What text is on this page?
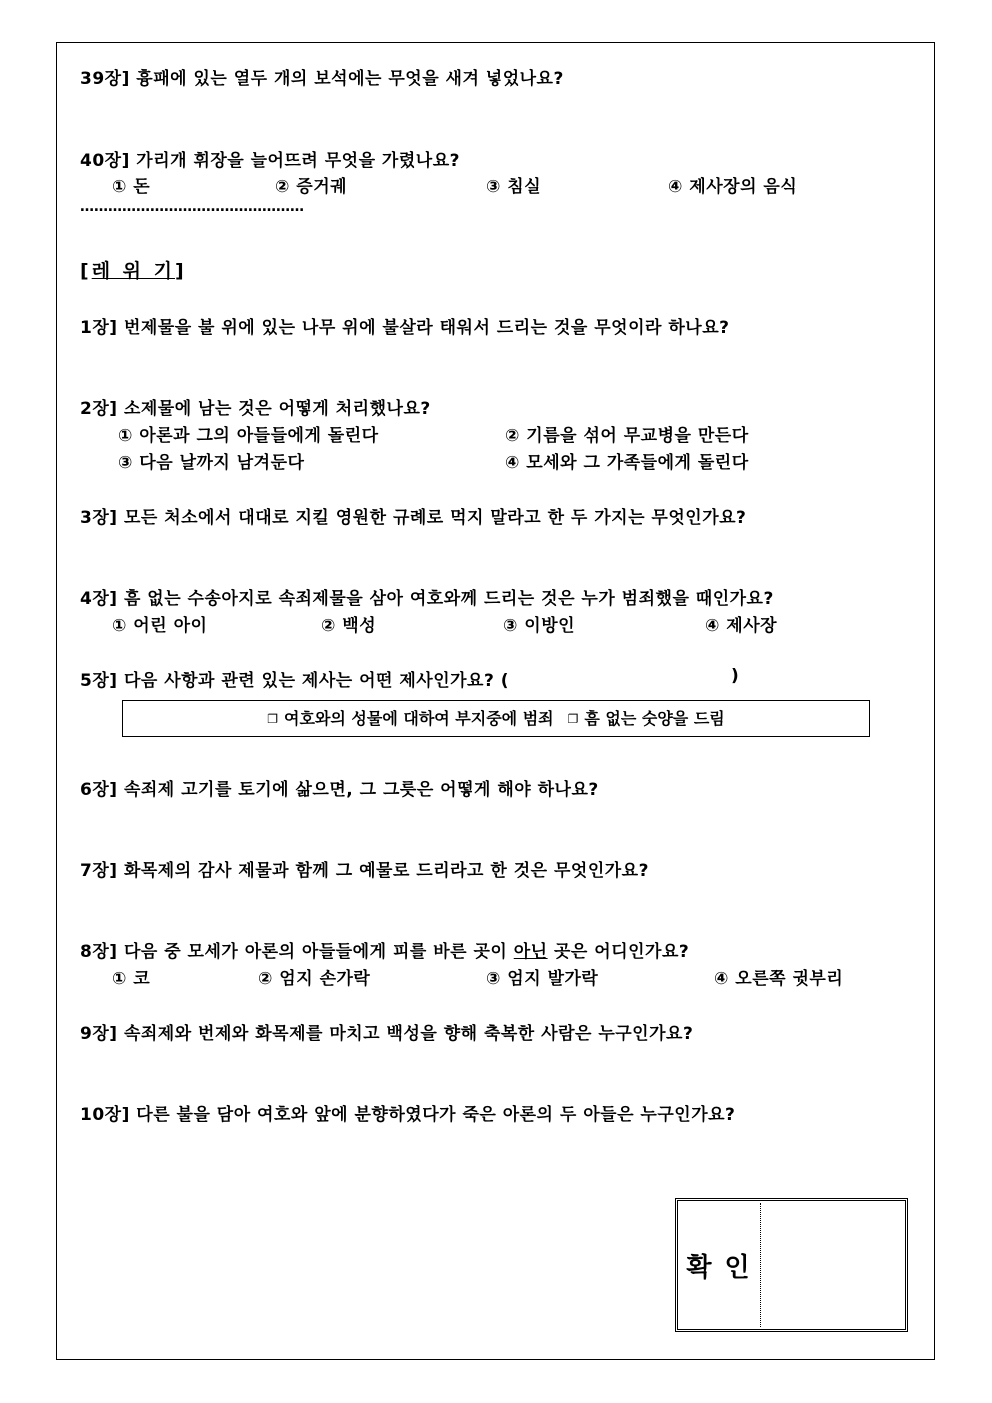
39장] 흉패에 있는 열두 개의 보석에는 무엇을 새겨 넣었나요?
40장] 가리개 휘장을 늘어뜨려 무엇을 가렸나요?
① 돈	② 증거궤	③ 침실	④ 제사장의 음식
…………………………………………
[레 위 기]
1장] 번제물을 불 위에 있는 나무 위에 불살라 태워서 드리는 것을 무엇이라 하나요?
2장] 소제물에 남는 것은 어떻게 처리했나요?
① 아론과 그의 아들들에게 돌린다	② 기름을 섞어 무교병을 만든다
③ 다음 날까지 남겨둔다	④ 모세와 그 가족들에게 돌린다
3장] 모든 처소에서 대대로 지킬 영원한 규례로 먹지 말라고 한 두 가지는 무엇인가요?
4장] 흠 없는 수송아지로 속죄제물을 삼아 여호와께 드리는 것은 누가 범죄했을 때인가요?
① 어린 아이	② 백성	③ 이방인	④ 제사장
5장] 다음 사항과 관련 있는 제사는 어떤 제사인가요? (	)
❐ 여호와의 성물에 대하여 부지중에 범죄 ❐ 흠 없는 숫양을 드림
6장] 속죄제 고기를 토기에 삶으면, 그 그릇은 어떻게 해야 하나요?
7장] 화목제의 감사 제물과 함께 그 예물로 드리라고 한 것은 무엇인가요?
8장] 다음 중 모세가 아론의 아들들에게 피를 바른 곳이 아닌 곳은 어디인가요?
① 코	② 엄지 손가락	③ 엄지 발가락	④ 오른쪽 귓부리
9장] 속죄제와 번제와 화목제를 마치고 백성을 향해 축복한 사람은 누구인가요?
10장] 다른 불을 담아 여호와 앞에 분향하였다가 죽은 아론의 두 아들은 누구인가요?
확 인
